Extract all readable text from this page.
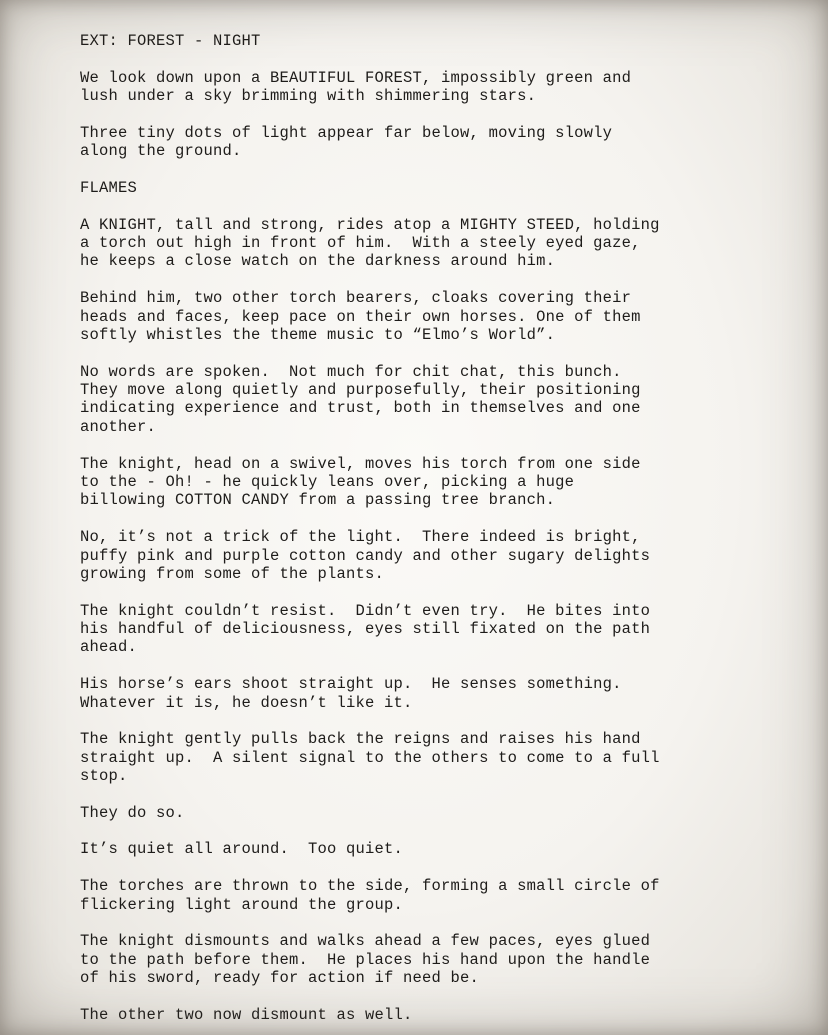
EXT: FOREST - NIGHT

We look down upon a BEAUTIFUL FOREST, impossibly green and
lush under a sky brimming with shimmering stars.

Three tiny dots of light appear far below, moving slowly
along the ground.

FLAMES

A KNIGHT, tall and strong, rides atop a MIGHTY STEED, holding
a torch out high in front of him.  With a steely eyed gaze,
he keeps a close watch on the darkness around him.

Behind him, two other torch bearers, cloaks covering their
heads and faces, keep pace on their own horses. One of them
softly whistles the theme music to “Elmo’s World”.

No words are spoken.  Not much for chit chat, this bunch.
They move along quietly and purposefully, their positioning
indicating experience and trust, both in themselves and one
another.

The knight, head on a swivel, moves his torch from one side
to the - Oh! - he quickly leans over, picking a huge
billowing COTTON CANDY from a passing tree branch.

No, it’s not a trick of the light.  There indeed is bright,
puffy pink and purple cotton candy and other sugary delights
growing from some of the plants.

The knight couldn’t resist.  Didn’t even try.  He bites into
his handful of deliciousness, eyes still fixated on the path
ahead.

His horse’s ears shoot straight up.  He senses something.
Whatever it is, he doesn’t like it.

The knight gently pulls back the reigns and raises his hand
straight up.  A silent signal to the others to come to a full
stop.

They do so.

It’s quiet all around.  Too quiet.

The torches are thrown to the side, forming a small circle of
flickering light around the group.

The knight dismounts and walks ahead a few paces, eyes glued
to the path before them.  He places his hand upon the handle
of his sword, ready for action if need be.

The other two now dismount as well.
